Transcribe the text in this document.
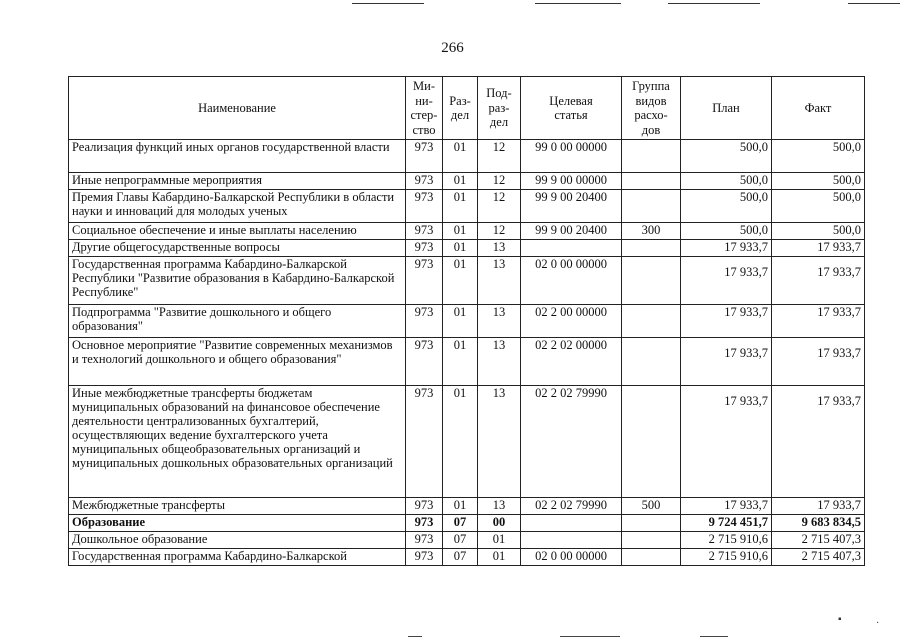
266
Наименование	Ми-
ни-
стер-
ство	Раз-
дел	Под-
раз-
дел	Целевая
статья	Группа
видов
расхо-
дов	План	Факт
Реализация функций иных органов государственной власти	973	01	12	99 0 00 00000		500,0	500,0
Иные непрограммные мероприятия	973	01	12	99 9 00 00000		500,0	500,0
Премия Главы Кабардино-Балкарской Республики в области науки и инноваций для молодых ученых	973	01	12	99 9 00 20400		500,0	500,0
Социальное обеспечение и иные выплаты населению	973	01	12	99 9 00 20400	300	500,0	500,0
Другие общегосударственные вопросы	973	01	13			17 933,7	17 933,7
Государственная программа Кабардино-Балкарской Республики "Развитие образования в Кабардино-Балкарской Республике"	973	01	13	02 0 00 00000		17 933,7	17 933,7
Подпрограмма "Развитие дошкольного и общего образования"	973	01	13	02 2 00 00000		17 933,7	17 933,7
Основное мероприятие "Развитие современных механизмов и технологий дошкольного и общего образования"	973	01	13	02 2 02 00000		17 933,7	17 933,7
Иные межбюджетные трансферты бюджетам муниципальных образований на финансовое обеспечение деятельности централизованных бухгалтерий, осуществляющих ведение бухгалтерского учета муниципальных общеобразовательных организаций и муниципальных дошкольных образовательных организаций	973	01	13	02 2 02 79990		17 933,7	17 933,7
Межбюджетные трансферты	973	01	13	02 2 02 79990	500	17 933,7	17 933,7
Образование	973	07	00			9 724 451,7	9 683 834,5
Дошкольное образование	973	07	01			2 715 910,6	2 715 407,3
Государственная программа Кабардино-Балкарской	973	07	01	02 0 00 00000		2 715 910,6	2 715 407,3
▪	·
